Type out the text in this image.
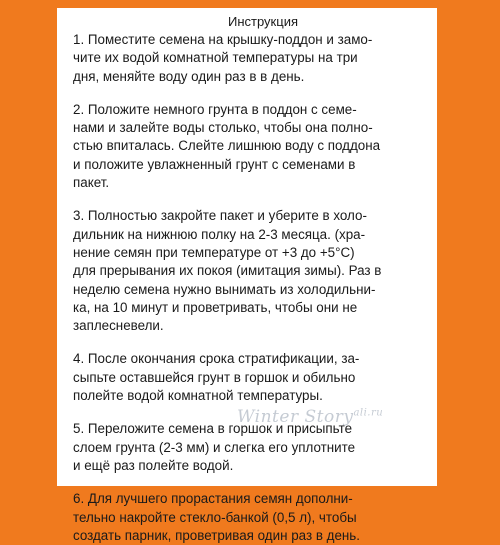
Инструкция
1. Поместите семена на крышку-поддон и замо-
чите их водой комнатной температуры на три
дня, меняйте воду один раз в в день.
2. Положите немного грунта в поддон с семе-
нами и залейте воды столько, чтобы она полно-
стью впиталась. Слейте лишнюю воду с поддона
и положите увлажненный грунт с семенами в
пакет.
3. Полностью закройте пакет и уберите в холо-
дильник на нижнюю полку на 2-3 месяца. (хра-
нение семян при температуре от +3 до +5°С)
для прерывания их покоя (имитация зимы). Раз в
неделю семена нужно вынимать из холодильни-
ка, на 10 минут и проветривать, чтобы они не
заплесневели.
4. После окончания срока стратификации, за-
сыпьте оставшейся грунт в горшок и обильно
полейте водой комнатной температуры.
5. Переложите семена в горшок и присыпьте
слоем грунта (2-3 мм) и слегка его уплотните
и ещё раз полейте водой.
6. Для лучшего прорастания семян дополни-
тельно накройте стекло-банкой (0,5 л), чтобы
создать парник, проветривая один раз в день.
Winter Story$^{ali.ru}$
